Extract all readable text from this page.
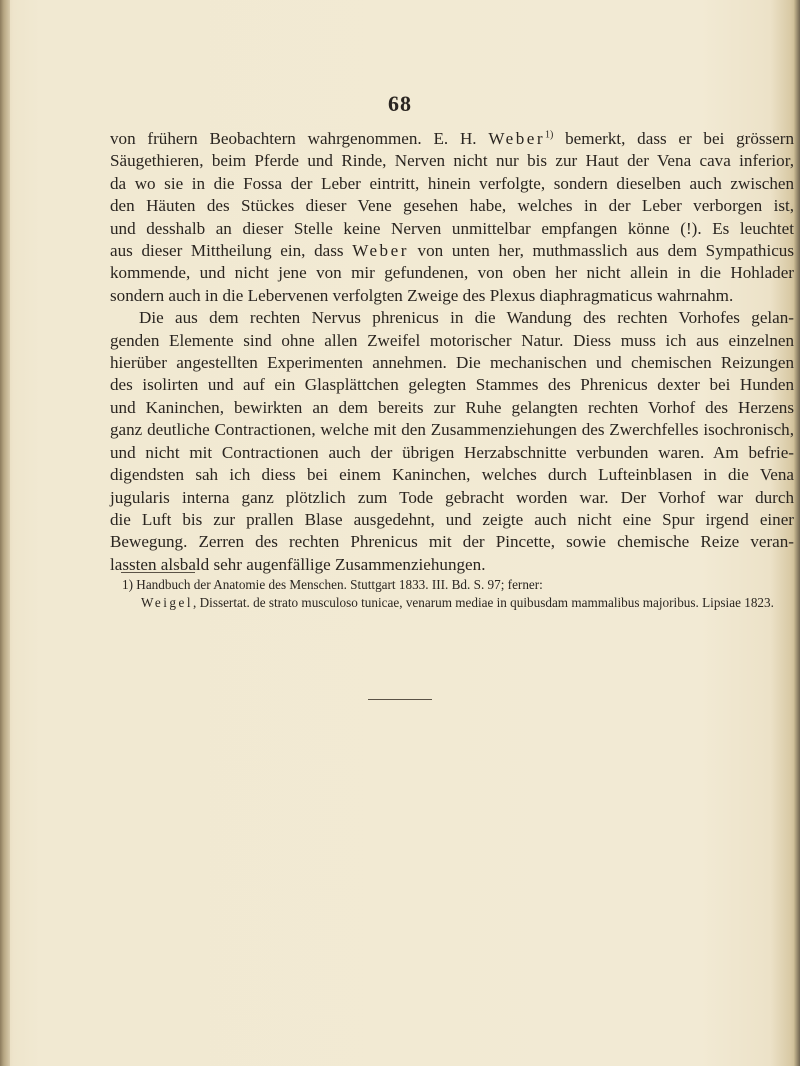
68
von frühern Beobachtern wahrgenommen. E. H. Weber$^{1)}$ bemerkt, dass er bei grössern
Säugethieren, beim Pferde und Rinde, Nerven nicht nur bis zur Haut der Vena cava inferior,
da wo sie in die Fossa der Leber eintritt, hinein verfolgte, sondern dieselben auch zwischen
den Häuten des Stückes dieser Vene gesehen habe, welches in der Leber verborgen ist,
und desshalb an dieser Stelle keine Nerven unmittelbar empfangen könne (!). Es leuchtet
aus dieser Mittheilung ein, dass Weber von unten her, muthmasslich aus dem Sympathicus
kommende, und nicht jene von mir gefundenen, von oben her nicht allein in die Hohlader
sondern auch in die Lebervenen verfolgten Zweige des Plexus diaphragmaticus wahrnahm.
Die aus dem rechten Nervus phrenicus in die Wandung des rechten Vorhofes gelan-
genden Elemente sind ohne allen Zweifel motorischer Natur. Diess muss ich aus einzelnen
hierüber angestellten Experimenten annehmen. Die mechanischen und chemischen Reizungen
des isolirten und auf ein Glasplättchen gelegten Stammes des Phrenicus dexter bei Hunden
und Kaninchen, bewirkten an dem bereits zur Ruhe gelangten rechten Vorhof des Herzens
ganz deutliche Contractionen, welche mit den Zusammenziehungen des Zwerchfelles isochronisch,
und nicht mit Contractionen auch der übrigen Herzabschnitte verbunden waren. Am befrie-
digendsten sah ich diess bei einem Kaninchen, welches durch Lufteinblasen in die Vena
jugularis interna ganz plötzlich zum Tode gebracht worden war. Der Vorhof war durch
die Luft bis zur prallen Blase ausgedehnt, und zeigte auch nicht eine Spur irgend einer
Bewegung. Zerren des rechten Phrenicus mit der Pincette, sowie chemische Reize veran-
lassten alsbald sehr augenfällige Zusammenziehungen.
1) Handbuch der Anatomie des Menschen. Stuttgart 1833. III. Bd. S. 97; ferner:
Weigel, Dissertat. de strato musculoso tunicae, venarum mediae in quibusdam mammalibus majoribus. Lipsiae 1823.
